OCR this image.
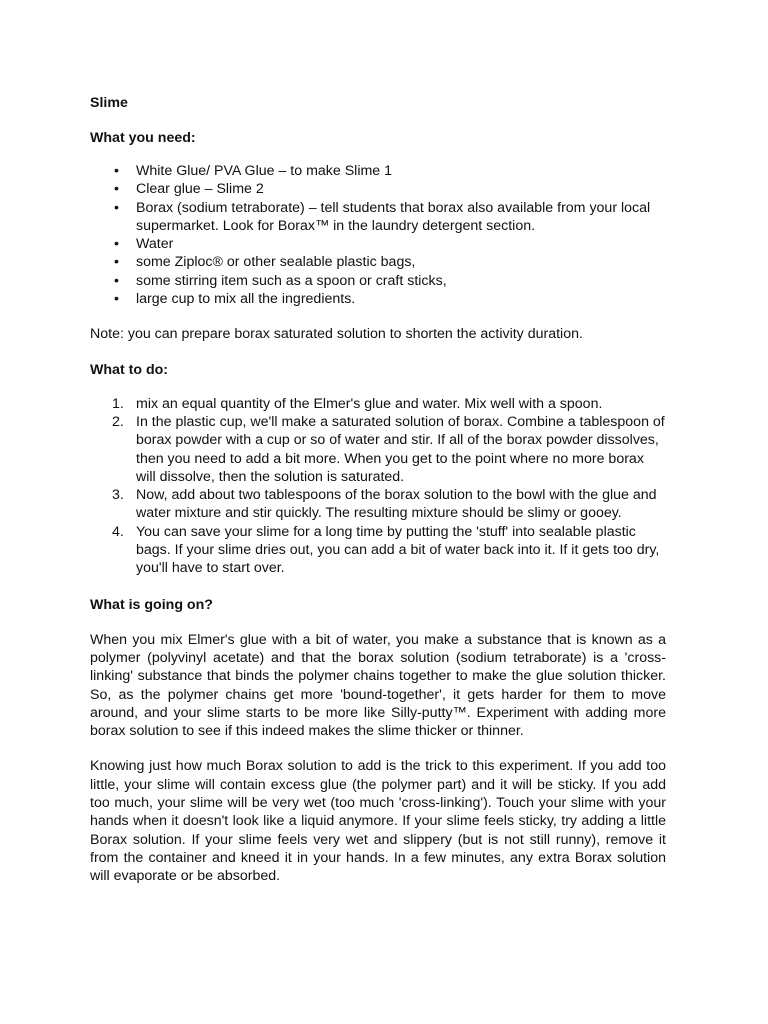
Slime
What you need:
• White Glue/ PVA Glue – to make Slime 1
• Clear glue – Slime 2
• Borax (sodium tetraborate) – tell students that borax also available from your local supermarket. Look for Borax™ in the laundry detergent section.
• Water
• some Ziploc® or other sealable plastic bags,
• some stirring item such as a spoon or craft sticks,
• large cup to mix all the ingredients.

Note: you can prepare borax saturated solution to shorten the activity duration.

What to do:
1. mix an equal quantity of the Elmer's glue and water. Mix well with a spoon.
2. In the plastic cup, we'll make a saturated solution of borax. Combine a tablespoon of borax powder with a cup or so of water and stir. If all of the borax powder dissolves, then you need to add a bit more. When you get to the point where no more borax will dissolve, then the solution is saturated.
3. Now, add about two tablespoons of the borax solution to the bowl with the glue and water mixture and stir quickly. The resulting mixture should be slimy or gooey.
4. You can save your slime for a long time by putting the 'stuff' into sealable plastic bags. If your slime dries out, you can add a bit of water back into it. If it gets too dry, you'll have to start over.
What is going on?

When you mix Elmer's glue with a bit of water, you make a substance that is known as a polymer (polyvinyl acetate) and that the borax solution (sodium tetraborate) is a 'cross-linking' substance that binds the polymer chains together to make the glue solution thicker. So, as the polymer chains get more 'bound-together', it gets harder for them to move around, and your slime starts to be more like Silly-putty™. Experiment with adding more borax solution to see if this indeed makes the slime thicker or thinner.

Knowing just how much Borax solution to add is the trick to this experiment. If you add too little, your slime will contain excess glue (the polymer part) and it will be sticky. If you add too much, your slime will be very wet (too much 'cross-linking'). Touch your slime with your hands when it doesn't look like a liquid anymore. If your slime feels sticky, try adding a little Borax solution. If your slime feels very wet and slippery (but is not still runny), remove it from the container and kneed it in your hands. In a few minutes, any extra Borax solution will evaporate or be absorbed.
